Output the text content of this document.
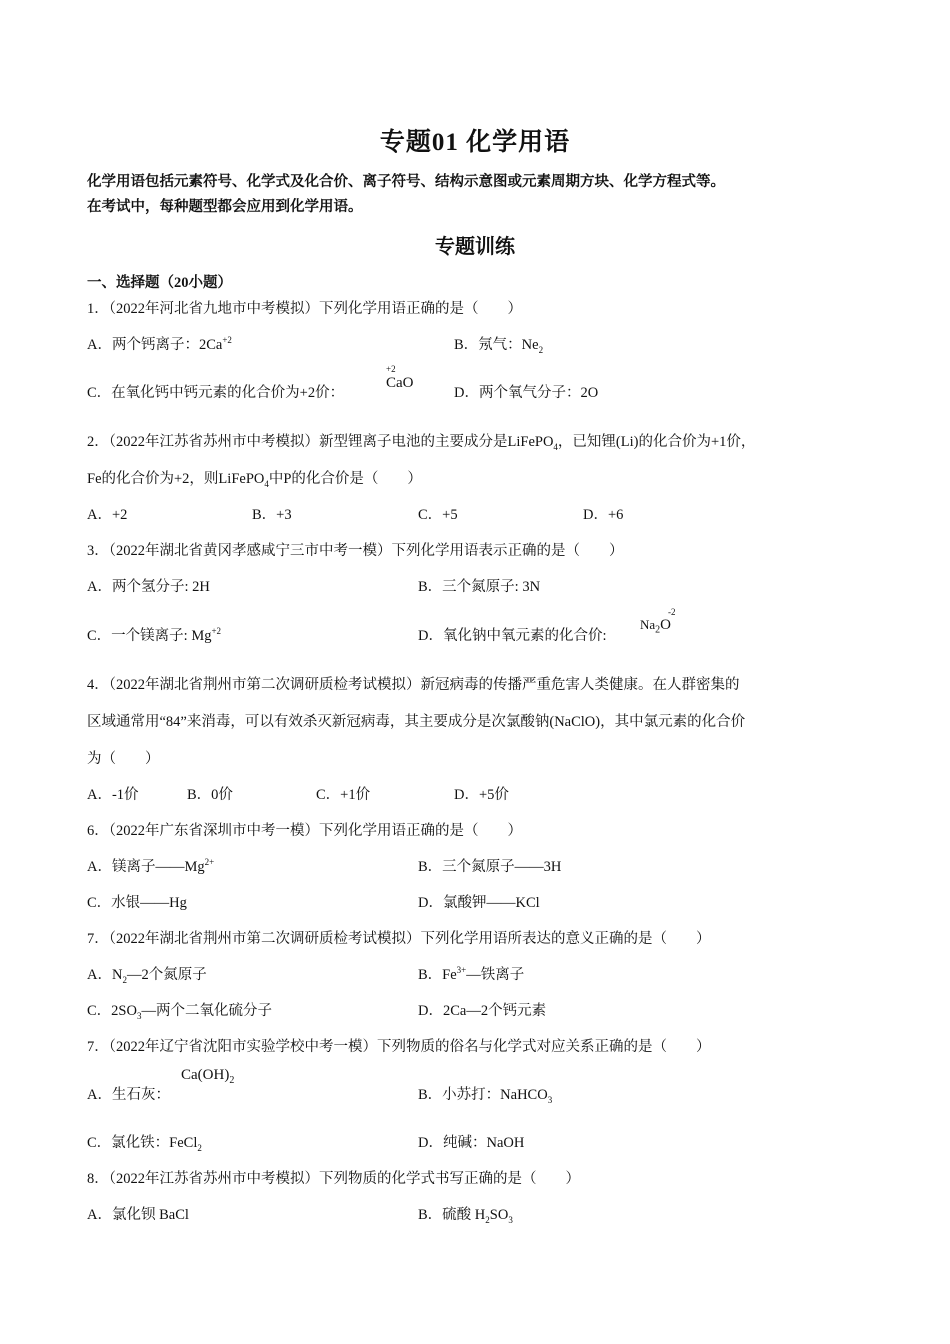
专题01 化学用语
化学用语包括元素符号、化学式及化合价、离子符号、结构示意图或元素周期方块、化学方程式等。
在考试中，每种题型都会应用到化学用语。
专题训练
一、选择题（20小题）
1．（2022年河北省九地市中考模拟）下列化学用语正确的是（　　）
A．两个钙离子：$2Ca^{+2}$	B．氖气：$Ne_2$
C．在氧化钙中钙元素的化合价为+2价：
+2
CaO
D．两个氧气分子：2O
2．（2022年江苏省苏州市中考模拟）新型锂离子电池的主要成分是LiFePO$_4$，已知锂(Li)的化合价为+1价，
Fe的化合价为+2，则LiFePO$_4$中P的化合价是（　　）
A．+2	B．+3	C．+5	D．+6
3．（2022年湖北省黄冈孝感咸宁三市中考一模）下列化学用语表示正确的是（　　）
A．两个氢分子: 2H	B．三个氮原子: 3N
C．一个镁离子: $Mg^{+2}$	D．氧化钠中氧元素的化合价:
-2
$Na_2O$
4．（2022年湖北省荆州市第二次调研质检考试模拟）新冠病毒的传播严重危害人类健康。在人群密集的
区域通常用“84”来消毒，可以有效杀灭新冠病毒，其主要成分是次氯酸钠(NaClO)，其中氯元素的化合价
为（　　）
A．-1价	B．0价	C．+1价	D．+5价
6．（2022年广东省深圳市中考一模）下列化学用语正确的是（　　）
A．镁离子$——Mg^{2+}$	B．三个氮原子——3H
C．水银——Hg	D．氯酸钾——KCl
7．（2022年湖北省荆州市第二次调研质检考试模拟）下列化学用语所表达的意义正确的是（　　）
A．$N_2—2$个氮原子	B．$Fe^{3+}—$铁离子
C．$2SO_3—$两个二氧化硫分子	D．2Ca—2个钙元素
7．（2022年辽宁省沈阳市实验学校中考一模）下列物质的俗名与化学式对应关系正确的是（　　）
A．生石灰：
$Ca(OH)_2$
B．小苏打：NaHCO$_3$
C．氯化铁：FeCl$_2$	D．纯碱：NaOH
8．（2022年江苏省苏州市中考模拟）下列物质的化学式书写正确的是（　　）
A．氯化钡 BaCl	B．硫酸 $H_2SO_3$
